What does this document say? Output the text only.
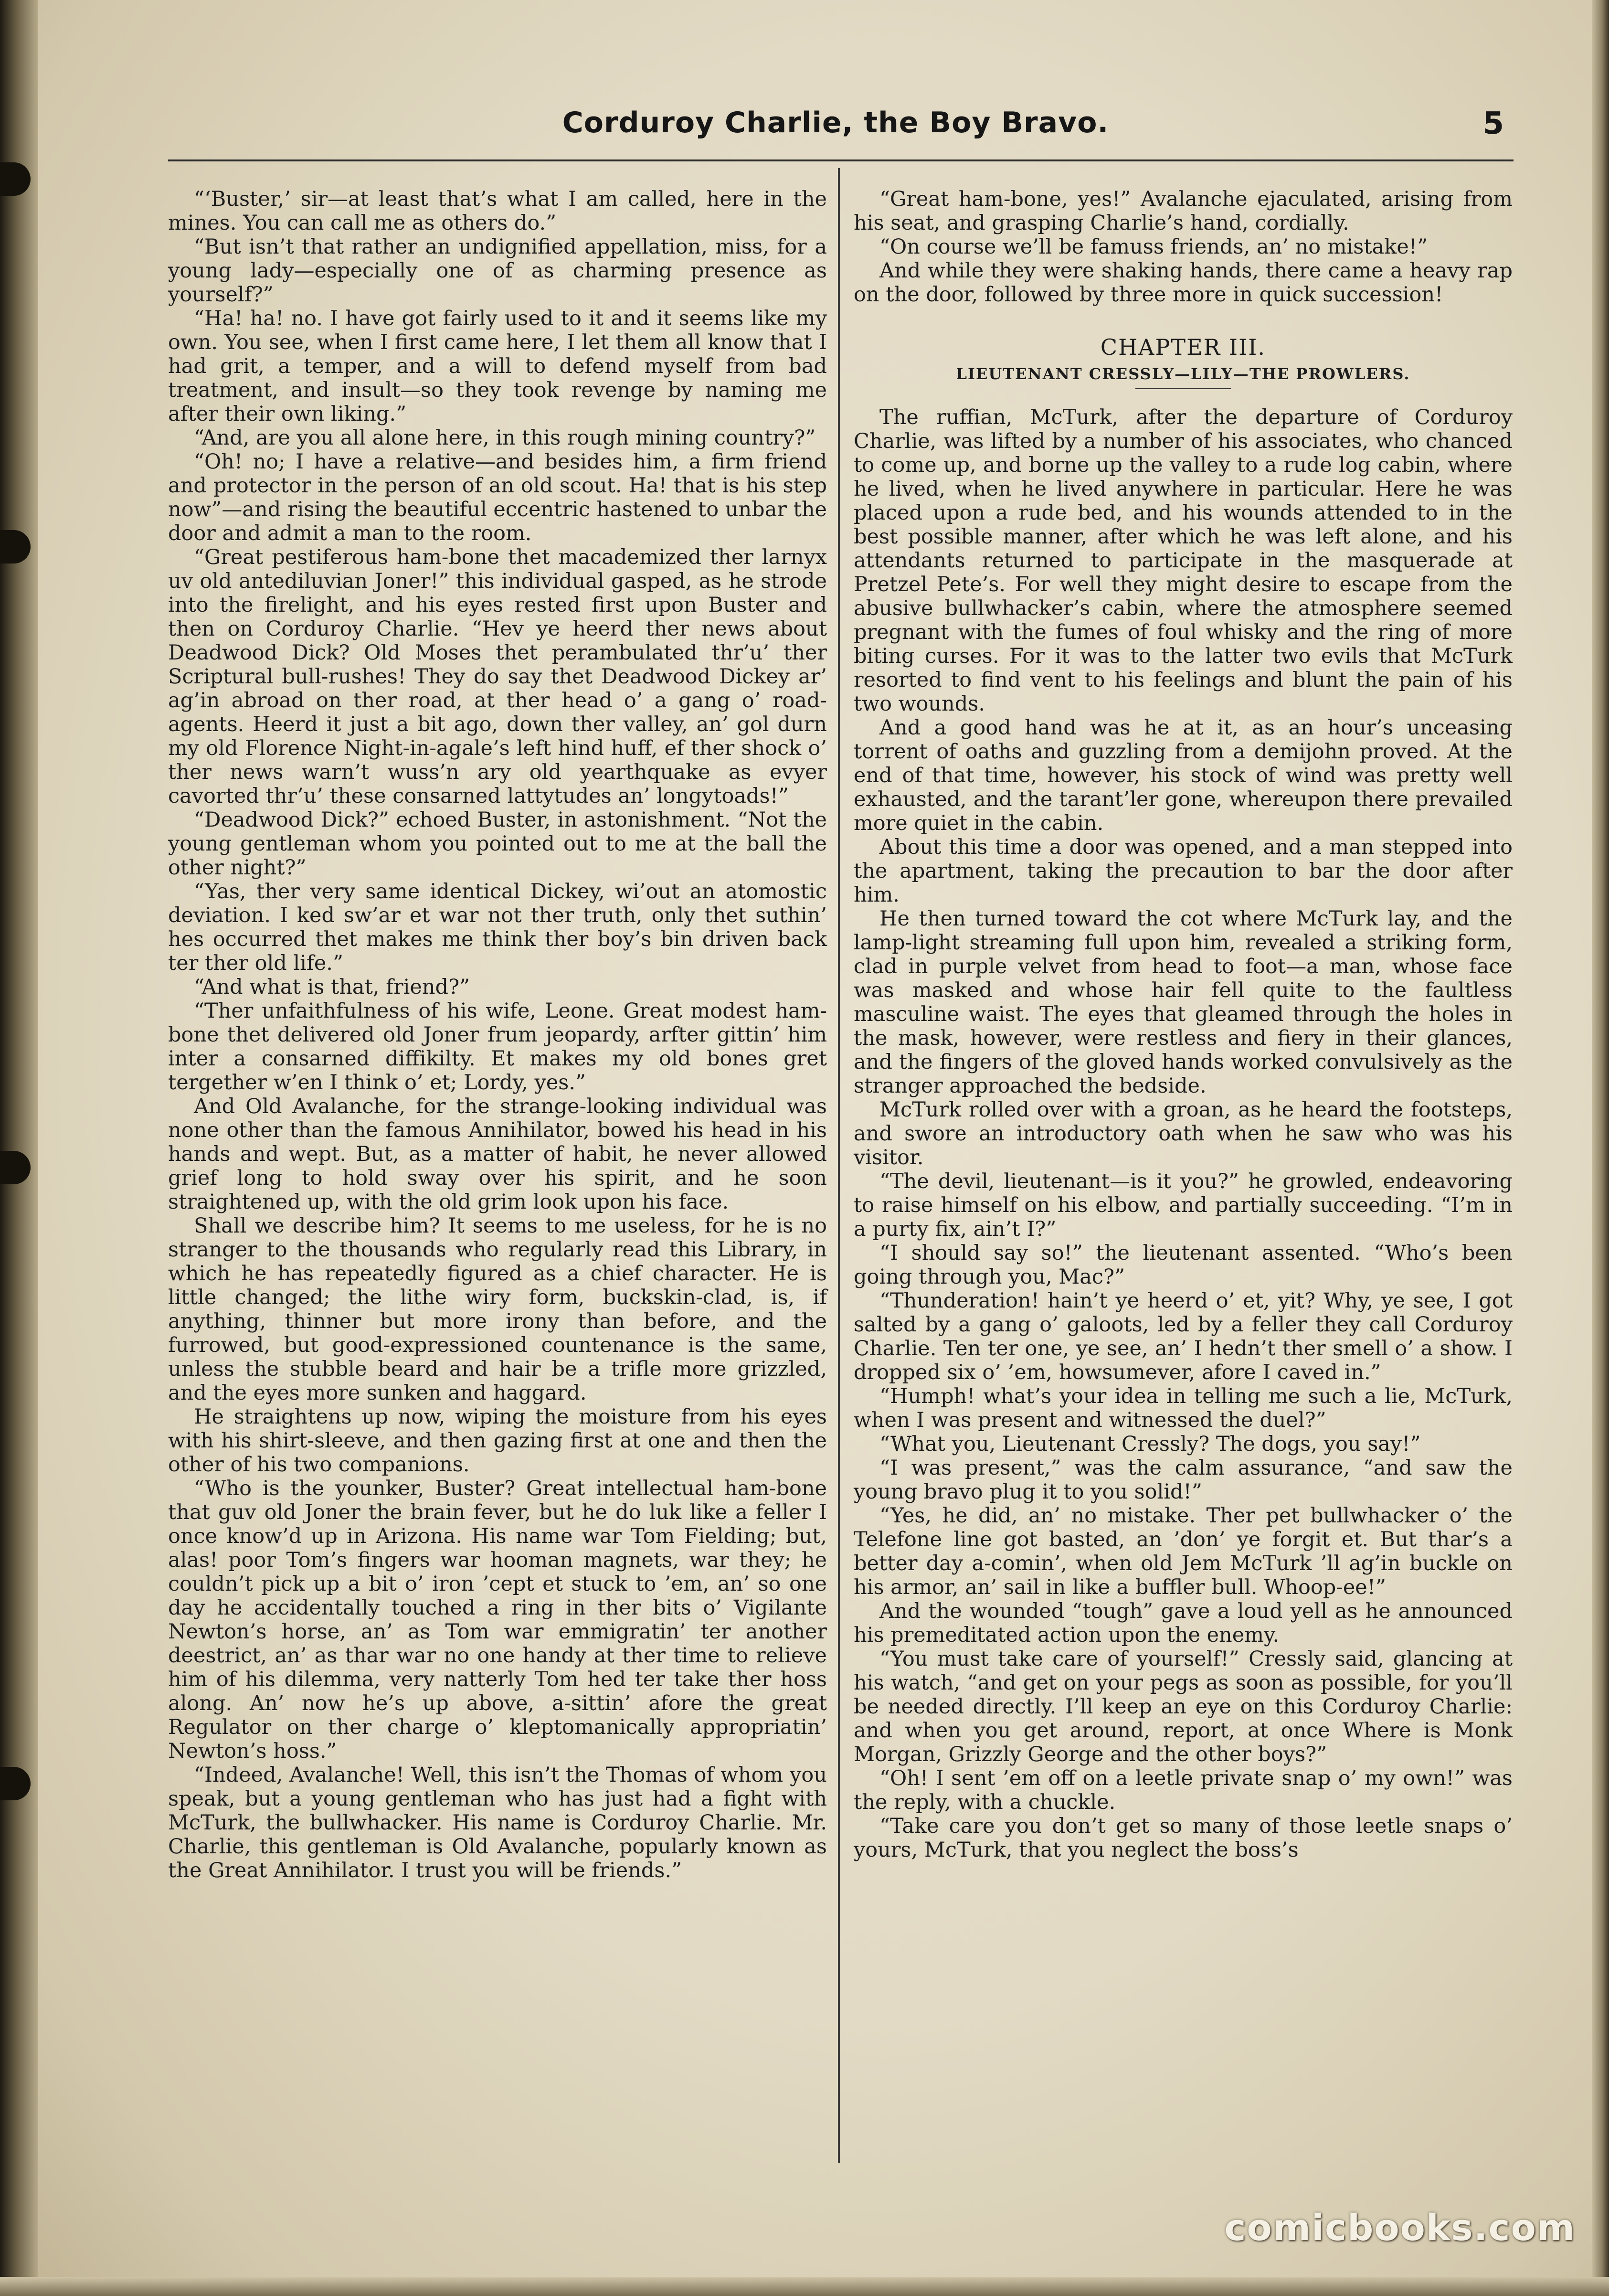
Corduroy Charlie, the Boy Bravo.	5

“‘Buster,’ sir—at least that’s what I am called, here in the mines. You can call me as others do.”

“But isn’t that rather an undignified appellation, miss, for a young lady—especially one of as charming presence as yourself?”

“Ha! ha! no. I have got fairly used to it and it seems like my own. You see, when I first came here, I let them all know that I had grit, a temper, and a will to defend myself from bad treatment, and insult—so they took revenge by naming me after their own liking.”

“And, are you all alone here, in this rough mining country?”

“Oh! no; I have a relative—and besides him, a firm friend and protector in the person of an old scout. Ha! that is his step now”—and rising the beautiful eccentric hastened to unbar the door and admit a man to the room.

“Great pestiferous ham-bone thet macademized ther larnyx uv old antediluvian Joner!” this individual gasped, as he strode into the firelight, and his eyes rested first upon Buster and then on Corduroy Charlie. “Hev ye heerd ther news about Deadwood Dick? Old Moses thet perambulated thr’u’ ther Scriptural bull-rushes! They do say thet Deadwood Dickey ar’ ag’in abroad on ther road, at ther head o’ a gang o’ road-agents. Heerd it just a bit ago, down ther valley, an’ gol durn my old Florence Night-in-agale’s left hind huff, ef ther shock o’ ther news warn’t wuss’n ary old yearthquake as evyer cavorted thr’u’ these consarned lattytudes an’ longytoads!”

“Deadwood Dick?” echoed Buster, in astonishment. “Not the young gentleman whom you pointed out to me at the ball the other night?”

“Yas, ther very same identical Dickey, wi’out an atomostic deviation. I ked sw’ar et war not ther truth, only thet suthin’ hes occurred thet makes me think ther boy’s bin driven back ter ther old life.”

“And what is that, friend?”

“Ther unfaithfulness of his wife, Leone. Great modest ham-bone thet delivered old Joner frum jeopardy, arfter gittin’ him inter a consarned diffikilty. Et makes my old bones gret tergether w’en I think o’ et; Lordy, yes.”

And Old Avalanche, for the strange-looking individual was none other than the famous Annihilator, bowed his head in his hands and wept. But, as a matter of habit, he never allowed grief long to hold sway over his spirit, and he soon straightened up, with the old grim look upon his face.

Shall we describe him? It seems to me useless, for he is no stranger to the thousands who regularly read this Library, in which he has repeatedly figured as a chief character. He is little changed; the lithe wiry form, buckskin-clad, is, if anything, thinner but more irony than before, and the furrowed, but good-expressioned countenance is the same, unless the stubble beard and hair be a trifle more grizzled, and the eyes more sunken and haggard.

He straightens up now, wiping the moisture from his eyes with his shirt-sleeve, and then gazing first at one and then the other of his two companions.

“Who is the younker, Buster? Great intellectual ham-bone that guv old Joner the brain fever, but he do luk like a feller I once know’d up in Arizona. His name war Tom Fielding; but, alas! poor Tom’s fingers war hooman magnets, war they; he couldn’t pick up a bit o’ iron ’cept et stuck to ’em, an’ so one day he accidentally touched a ring in ther bits o’ Vigilante Newton’s horse, an’ as Tom war emmigratin’ ter another deestrict, an’ as thar war no one handy at ther time to relieve him of his dilemma, very natterly Tom hed ter take ther hoss along. An’ now he’s up above, a-sittin’ afore the great Regulator on ther charge o’ kleptomanically appropriatin’ Newton’s hoss.”

“Indeed, Avalanche! Well, this isn’t the Thomas of whom you speak, but a young gentleman who has just had a fight with McTurk, the bullwhacker. His name is Corduroy Charlie. Mr. Charlie, this gentleman is Old Avalanche, popularly known as the Great Annihilator. I trust you will be friends.”

“Great ham-bone, yes!” Avalanche ejaculated, arising from his seat, and grasping Charlie’s hand, cordially.

“On course we’ll be famuss friends, an’ no mistake!”

And while they were shaking hands, there came a heavy rap on the door, followed by three more in quick succession!

CHAPTER III.
LIEUTENANT CRESSLY—LILY—THE PROWLERS.

The ruffian, McTurk, after the departure of Corduroy Charlie, was lifted by a number of his associates, who chanced to come up, and borne up the valley to a rude log cabin, where he lived, when he lived anywhere in particular. Here he was placed upon a rude bed, and his wounds attended to in the best possible manner, after which he was left alone, and his attendants returned to participate in the masquerade at Pretzel Pete’s. For well they might desire to escape from the abusive bullwhacker’s cabin, where the atmosphere seemed pregnant with the fumes of foul whisky and the ring of more biting curses. For it was to the latter two evils that McTurk resorted to find vent to his feelings and blunt the pain of his two wounds.

And a good hand was he at it, as an hour’s unceasing torrent of oaths and guzzling from a demijohn proved. At the end of that time, however, his stock of wind was pretty well exhausted, and the tarant’ler gone, whereupon there prevailed more quiet in the cabin.

About this time a door was opened, and a man stepped into the apartment, taking the precaution to bar the door after him.

He then turned toward the cot where McTurk lay, and the lamp-light streaming full upon him, revealed a striking form, clad in purple velvet from head to foot—a man, whose face was masked and whose hair fell quite to the faultless masculine waist. The eyes that gleamed through the holes in the mask, however, were restless and fiery in their glances, and the fingers of the gloved hands worked convulsively as the stranger approached the bedside.

McTurk rolled over with a groan, as he heard the footsteps, and swore an introductory oath when he saw who was his visitor.

“The devil, lieutenant—is it you?” he growled, endeavoring to raise himself on his elbow, and partially succeeding. “I’m in a purty fix, ain’t I?”

“I should say so!” the lieutenant assented. “Who’s been going through you, Mac?”

“Thunderation! hain’t ye heerd o’ et, yit? Why, ye see, I got salted by a gang o’ galoots, led by a feller they call Corduroy Charlie. Ten ter one, ye see, an’ I hedn’t ther smell o’ a show. I dropped six o’ ’em, howsumever, afore I caved in.”

“Humph! what’s your idea in telling me such a lie, McTurk, when I was present and witnessed the duel?”

“What you, Lieutenant Cressly? The dogs, you say!”

“I was present,” was the calm assurance, “and saw the young bravo plug it to you solid!”

“Yes, he did, an’ no mistake. Ther pet bullwhacker o’ the Telefone line got basted, an ’don’ ye forgit et. But thar’s a better day a-comin’, when old Jem McTurk ’ll ag’in buckle on his armor, an’ sail in like a buffler bull. Whoop-ee!”

And the wounded “tough” gave a loud yell as he announced his premeditated action upon the enemy.

“You must take care of yourself!” Cressly said, glancing at his watch, “and get on your pegs as soon as possible, for you’ll be needed directly. I’ll keep an eye on this Corduroy Charlie: and when you get around, report, at once Where is Monk Morgan, Grizzly George and the other boys?”

“Oh! I sent ’em off on a leetle private snap o’ my own!” was the reply, with a chuckle.

“Take care you don’t get so many of those leetle snaps o’ yours, McTurk, that you neglect the boss’s

comicbooks.com
